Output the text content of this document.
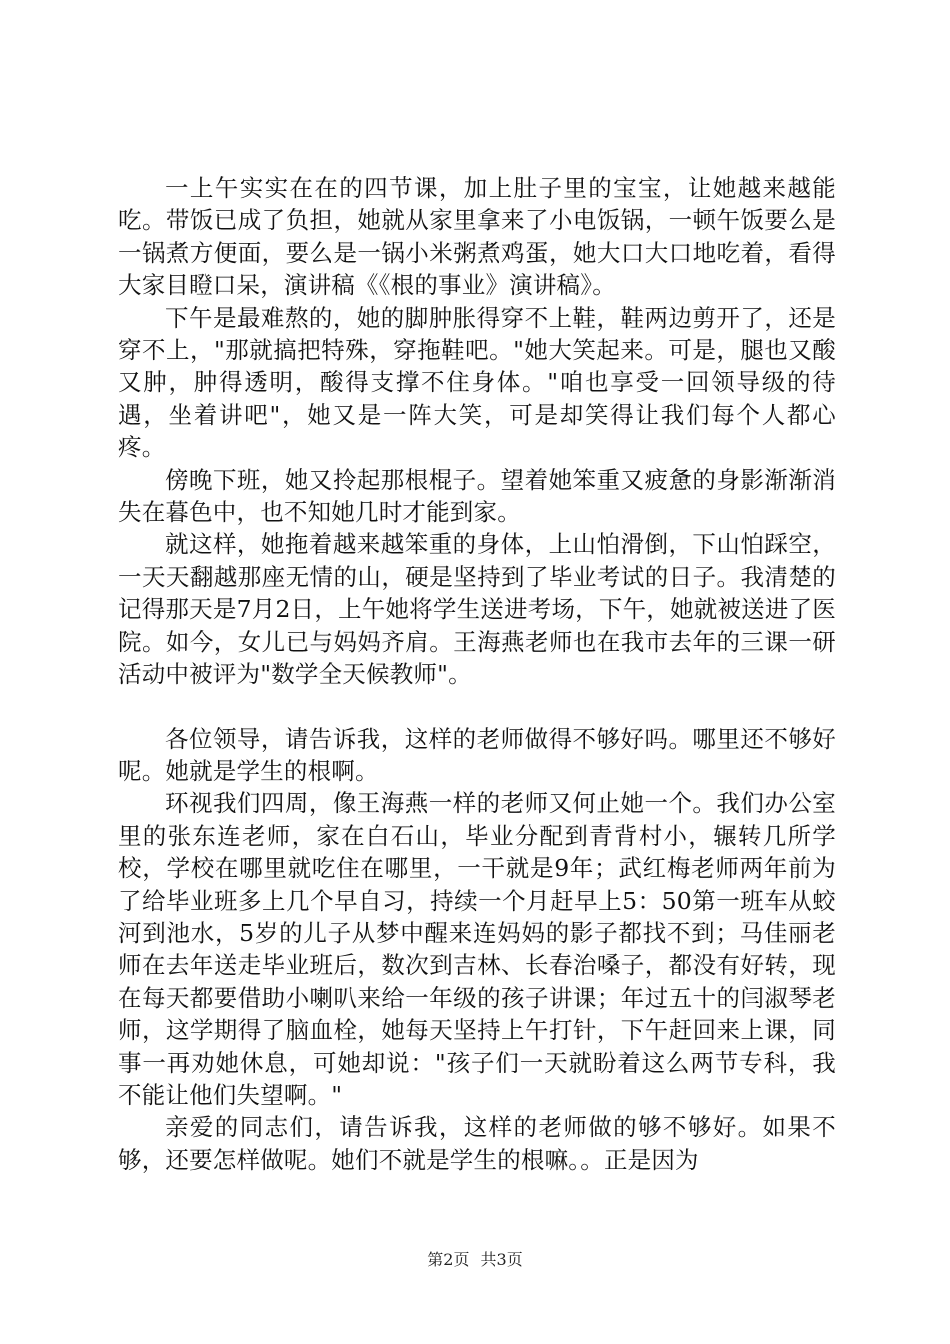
一上午实实在在的四节课，加上肚子里的宝宝，让她越来越能吃。带饭已成了负担，她就从家里拿来了小电饭锅，一顿午饭要么是一锅煮方便面，要么是一锅小米粥煮鸡蛋，她大口大口地吃着，看得大家目瞪口呆，演讲稿《《根的事业》演讲稿》。

下午是最难熬的，她的脚肿胀得穿不上鞋，鞋两边剪开了，还是穿不上，"那就搞把特殊，穿拖鞋吧。"她大笑起来。可是，腿也又酸又肿，肿得透明，酸得支撑不住身体。"咱也享受一回领导级的待遇，坐着讲吧"，她又是一阵大笑，可是却笑得让我们每个人都心疼。

傍晚下班，她又拎起那根棍子。望着她笨重又疲惫的身影渐渐消失在暮色中，也不知她几时才能到家。

就这样，她拖着越来越笨重的身体，上山怕滑倒，下山怕踩空，一天天翻越那座无情的山，硬是坚持到了毕业考试的日子。我清楚的记得那天是7月2日，上午她将学生送进考场，下午，她就被送进了医院。如今，女儿已与妈妈齐肩。王海燕老师也在我市去年的三课一研活动中被评为"数学全天候教师"。

各位领导，请告诉我，这样的老师做得不够好吗。哪里还不够好呢。她就是学生的根啊。

环视我们四周，像王海燕一样的老师又何止她一个。我们办公室里的张东连老师，家在白石山，毕业分配到青背村小，辗转几所学校，学校在哪里就吃住在哪里，一干就是9年；武红梅老师两年前为了给毕业班多上几个早自习，持续一个月赶早上5：50第一班车从蛟河到池水，5岁的儿子从梦中醒来连妈妈的影子都找不到；马佳丽老师在去年送走毕业班后，数次到吉林、长春治嗓子，都没有好转，现在每天都要借助小喇叭来给一年级的孩子讲课；年过五十的闫淑琴老师，这学期得了脑血栓，她每天坚持上午打针，下午赶回来上课，同事一再劝她休息，可她却说："孩子们一天就盼着这么两节专科，我不能让他们失望啊。"

亲爱的同志们，请告诉我，这样的老师做的够不够好。如果不够，还要怎样做呢。她们不就是学生的根嘛。。正是因为

第2页 共3页
